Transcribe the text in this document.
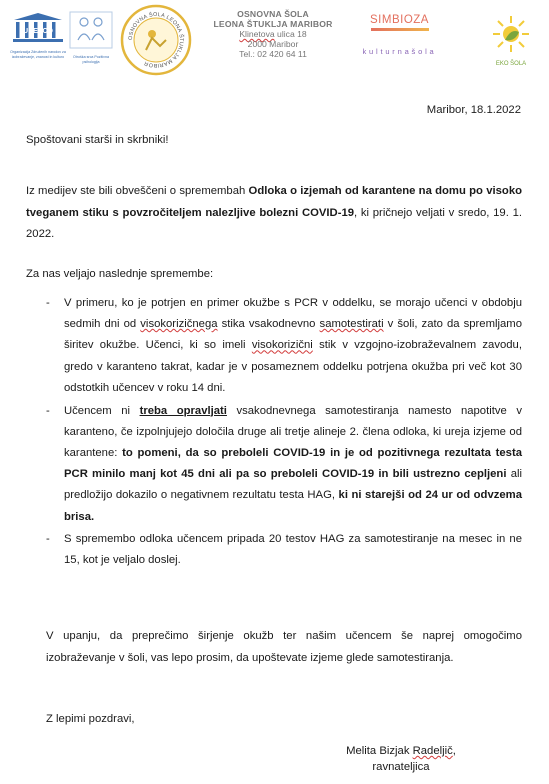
UNESCO
Organizacija Združenih narodov za izobraževanje, znanost in kulturo	Otroška srca Pozitivna psihologija
OSNOVNA ŠOLA LEONA ŠTUKLJA MARIBOR
OSNOVNA ŠOLA
LEONA ŠTUKLJA MARIBOR
Klinetova ulica 18
2000 Maribor
Tel.: 02 420 64 11
SIMBIOZA
kulturnašola
EKO ŠOLA
Maribor, 18.1.2022
Spoštovani starši in skrbniki!
Iz medijev ste bili obveščeni o spremembah Odloka o izjemah od karantene na domu po visoko tveganem stiku s povzročiteljem nalezljive bolezni COVID-19, ki pričnejo veljati v sredo, 19. 1. 2022.
Za nas veljajo naslednje spremembe:
- V primeru, ko je potrjen en primer okužbe s PCR v oddelku, se morajo učenci v obdobju sedmih dni od visokorizičnega stika vsakodnevno samotestirati v šoli, zato da spremljamo širitev okužbe. Učenci, ki so imeli visokorizični stik v vzgojno-izobraževalnem zavodu, gredo v karanteno takrat, kadar je v posameznem oddelku potrjena okužba pri več kot 30 odstotkih učencev v roku 14 dni.
- Učencem ni treba opravljati vsakodnevnega samotestiranja namesto napotitve v karanteno, če izpolnjujejo določila druge ali tretje alineje 2. člena odloka, ki ureja izjeme od karantene: to pomeni, da so preboleli COVID-19 in je od pozitivnega rezultata testa PCR minilo manj kot 45 dni ali pa so preboleli COVID-19 in bili ustrezno cepljeni ali predložijo dokazilo o negativnem rezultatu testa HAG, ki ni starejši od 24 ur od odvzema brisa.
- S spremembo odloka učencem pripada 20 testov HAG za samotestiranje na mesec in ne 15, kot je veljalo doslej.
V upanju, da preprečimo širjenje okužb ter našim učencem še naprej omogočimo izobraževanje v šoli, vas lepo prosim, da upoštevate izjeme glede samotestiranja.
Z lepimi pozdravi,
Melita Bizjak Radeljič,
ravnateljica
